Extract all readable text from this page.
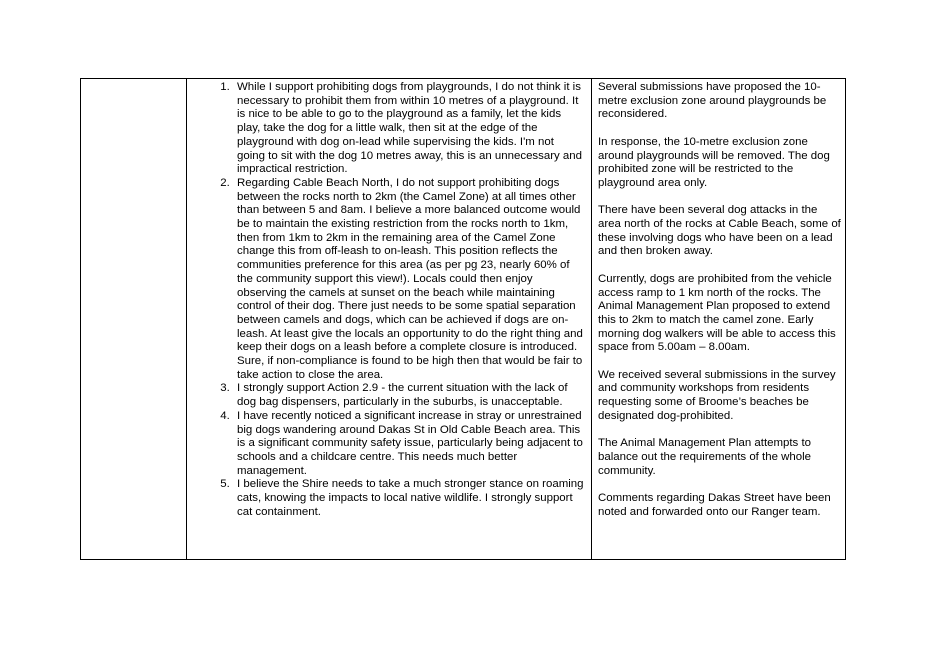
1. While I support prohibiting dogs from playgrounds, I do not think it is necessary to prohibit them from within 10 metres of a playground. It is nice to be able to go to the playground as a family, let the kids play, take the dog for a little walk, then sit at the edge of the playground with dog on-lead while supervising the kids. I'm not going to sit with the dog 10 metres away, this is an unnecessary and impractical restriction.
2. Regarding Cable Beach North, I do not support prohibiting dogs between the rocks north to 2km (the Camel Zone) at all times other than between 5 and 8am. I believe a more balanced outcome would be to maintain the existing restriction from the rocks north to 1km, then from 1km to 2km in the remaining area of the Camel Zone change this from off-leash to on-leash. This position reflects the communities preference for this area (as per pg 23, nearly 60% of the community support this view!). Locals could then enjoy observing the camels at sunset on the beach while maintaining control of their dog. There just needs to be some spatial separation between camels and dogs, which can be achieved if dogs are on-leash. At least give the locals an opportunity to do the right thing and keep their dogs on a leash before a complete closure is introduced. Sure, if non-compliance is found to be high then that would be fair to take action to close the area.
3. I strongly support Action 2.9 - the current situation with the lack of dog bag dispensers, particularly in the suburbs, is unacceptable.
4. I have recently noticed a significant increase in stray or unrestrained big dogs wandering around Dakas St in Old Cable Beach area. This is a significant community safety issue, particularly being adjacent to schools and a childcare centre. This needs much better management.
5. I believe the Shire needs to take a much stronger stance on roaming cats, knowing the impacts to local native wildlife. I strongly support cat containment.

Several submissions have proposed the 10-metre exclusion zone around playgrounds be reconsidered.

In response, the 10-metre exclusion zone around playgrounds will be removed. The dog prohibited zone will be restricted to the playground area only.

There have been several dog attacks in the area north of the rocks at Cable Beach, some of these involving dogs who have been on a lead and then broken away.

Currently, dogs are prohibited from the vehicle access ramp to 1 km north of the rocks. The Animal Management Plan proposed to extend this to 2km to match the camel zone. Early morning dog walkers will be able to access this space from 5.00am – 8.00am.

We received several submissions in the survey and community workshops from residents requesting some of Broome’s beaches be designated dog-prohibited.

The Animal Management Plan attempts to balance out the requirements of the whole community.

Comments regarding Dakas Street have been noted and forwarded onto our Ranger team.
